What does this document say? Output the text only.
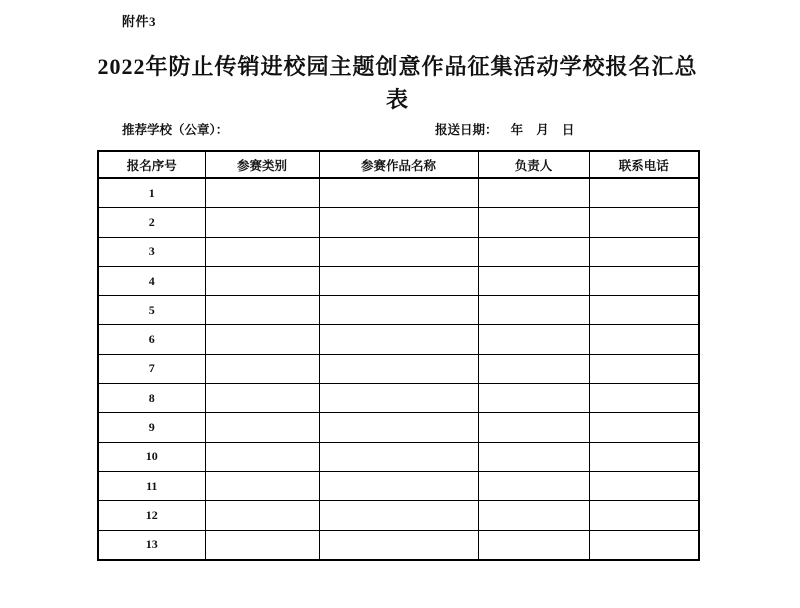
附件3
2022年防止传销进校园主题创意作品征集活动学校报名汇总
表
推荐学校（公章）：	报送日期： 年 月 日
报名序号	参赛类别	参赛作品名称	负责人	联系电话
1				
2				
3				
4				
5				
6				
7				
8				
9				
10				
11				
12				
13				
